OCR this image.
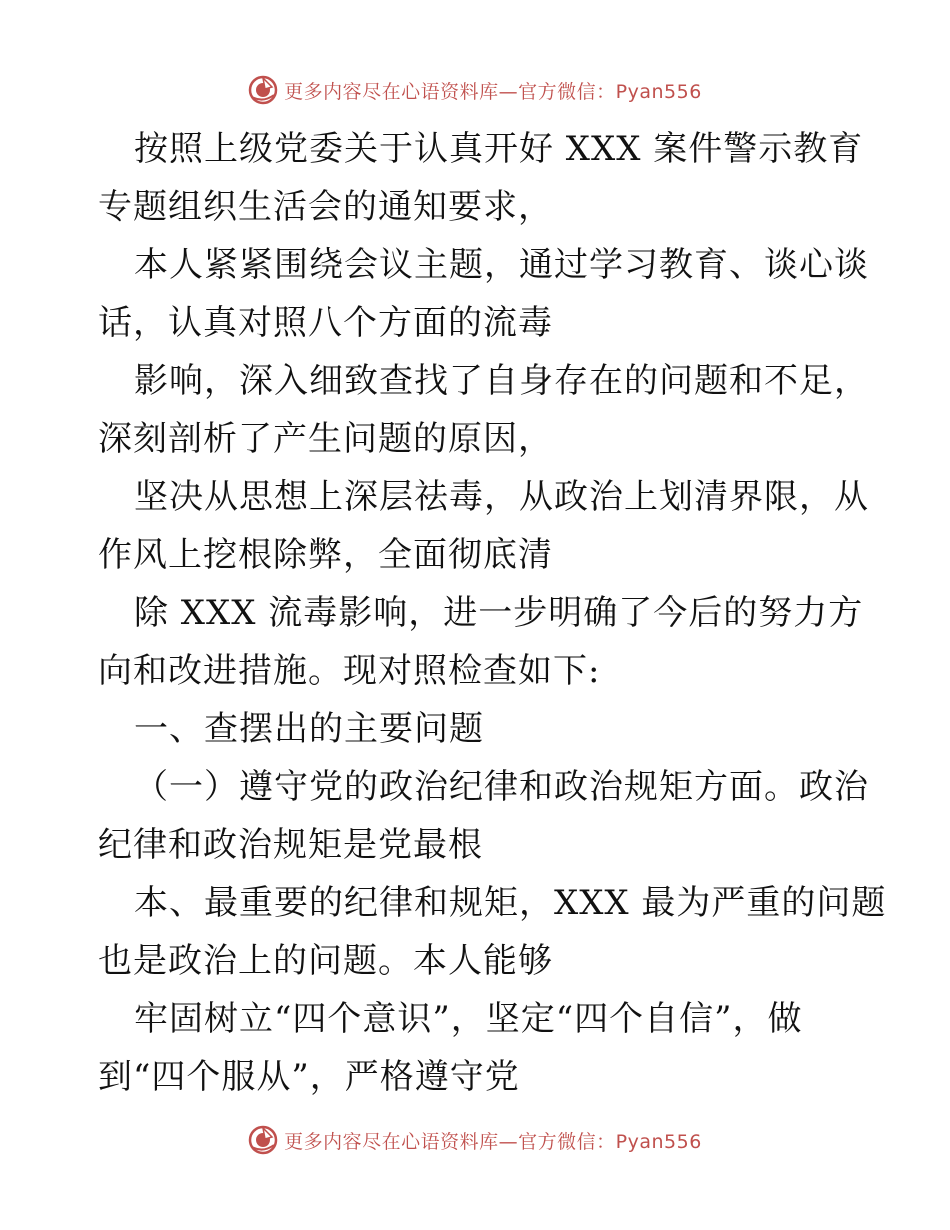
更多内容尽在心语资料库—官方微信：Pyan556
按照上级党委关于认真开好 XXX 案件警示教育
专题组织生活会的通知要求，
本人紧紧围绕会议主题，通过学习教育、谈心谈
话，认真对照八个方面的流毒
影响，深入细致查找了自身存在的问题和不足，
深刻剖析了产生问题的原因，
坚决从思想上深层祛毒，从政治上划清界限，从
作风上挖根除弊，全面彻底清
除 XXX 流毒影响，进一步明确了今后的努力方
向和改进措施。现对照检查如下:
一、查摆出的主要问题
（一）遵守党的政治纪律和政治规矩方面。政治
纪律和政治规矩是党最根
本、最重要的纪律和规矩，XXX 最为严重的问题
也是政治上的问题。本人能够
牢固树立“四个意识”，坚定“四个自信”，做
到“四个服从”，严格遵守党
更多内容尽在心语资料库—官方微信：Pyan556
